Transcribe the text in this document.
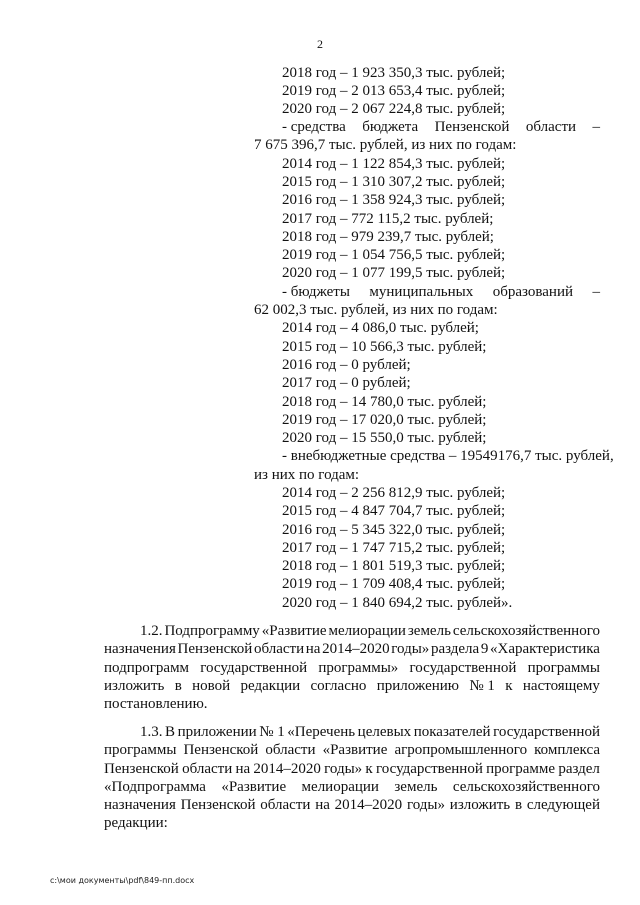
2
2018 год – 1 923 350,3 тыс. рублей;
2019 год – 2 013 653,4 тыс. рублей;
2020 год – 2 067 224,8 тыс. рублей;
- средства бюджета Пензенской области –
7 675 396,7 тыс. рублей, из них по годам:
2014 год – 1 122 854,3 тыс. рублей;
2015 год – 1 310 307,2 тыс. рублей;
2016 год – 1 358 924,3 тыс. рублей;
2017 год – 772 115,2 тыс. рублей;
2018 год – 979 239,7 тыс. рублей;
2019 год – 1 054 756,5 тыс. рублей;
2020 год – 1 077 199,5 тыс. рублей;
- бюджеты муниципальных образований –
62 002,3 тыс. рублей, из них по годам:
2014 год – 4 086,0 тыс. рублей;
2015 год – 10 566,3 тыс. рублей;
2016 год – 0 рублей;
2017 год – 0 рублей;
2018 год – 14 780,0 тыс. рублей;
2019 год – 17 020,0 тыс. рублей;
2020 год – 15 550,0 тыс. рублей;
- внебюджетные средства – 19549176,7 тыс. рублей,
из них по годам:
2014 год – 2 256 812,9 тыс. рублей;
2015 год – 4 847 704,7 тыс. рублей;
2016 год – 5 345 322,0 тыс. рублей;
2017 год – 1 747 715,2 тыс. рублей;
2018 год – 1 801 519,3 тыс. рублей;
2019 год – 1 709 408,4 тыс. рублей;
2020 год – 1 840 694,2 тыс. рублей».
1.2. Подпрограмму «Развитие мелиорации земель сельскохозяйственного
назначения Пензенской области на 2014–2020 годы» раздела 9 «Характеристика
подпрограмм государственной программы» государственной программы
изложить в новой редакции согласно приложению № 1 к настоящему
постановлению.
1.3. В приложении № 1 «Перечень целевых показателей государственной
программы Пензенской области «Развитие агропромышленного комплекса
Пензенской области на 2014–2020 годы» к государственной программе раздел
«Подпрограмма «Развитие мелиорации земель сельскохозяйственного
назначения Пензенской области на 2014–2020 годы» изложить в следующей
редакции:
c:\мои документы\pdf\849-пп.docx
